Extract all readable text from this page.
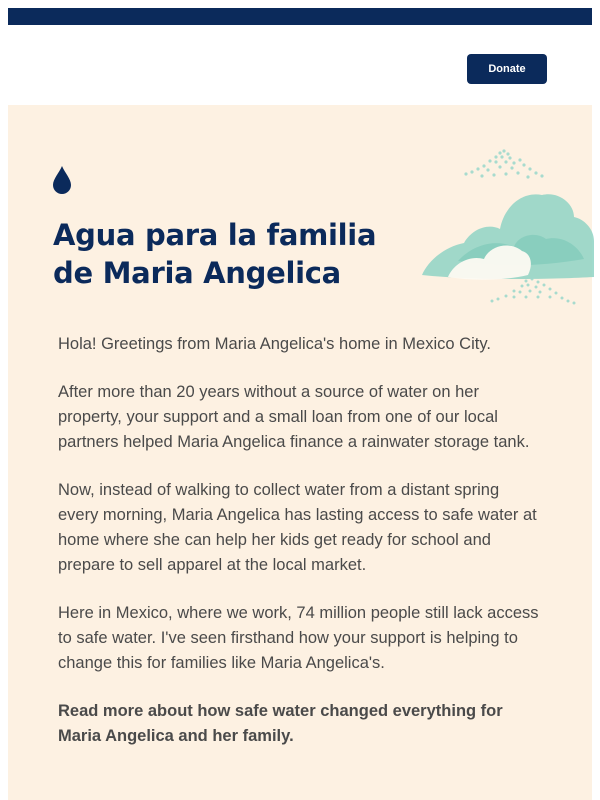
Donate
Agua para la familia
de Maria Angelica

Hola! Greetings from Maria Angelica's home in Mexico City.

After more than 20 years without a source of water on her property, your support and a small loan from one of our local partners helped Maria Angelica finance a rainwater storage tank.

Now, instead of walking to collect water from a distant spring every morning, Maria Angelica has lasting access to safe water at home where she can help her kids get ready for school and prepare to sell apparel at the local market.

Here in Mexico, where we work, 74 million people still lack access to safe water. I've seen firsthand how your support is helping to change this for families like Maria Angelica's.

Read more about how safe water changed everything for Maria Angelica and her family.
